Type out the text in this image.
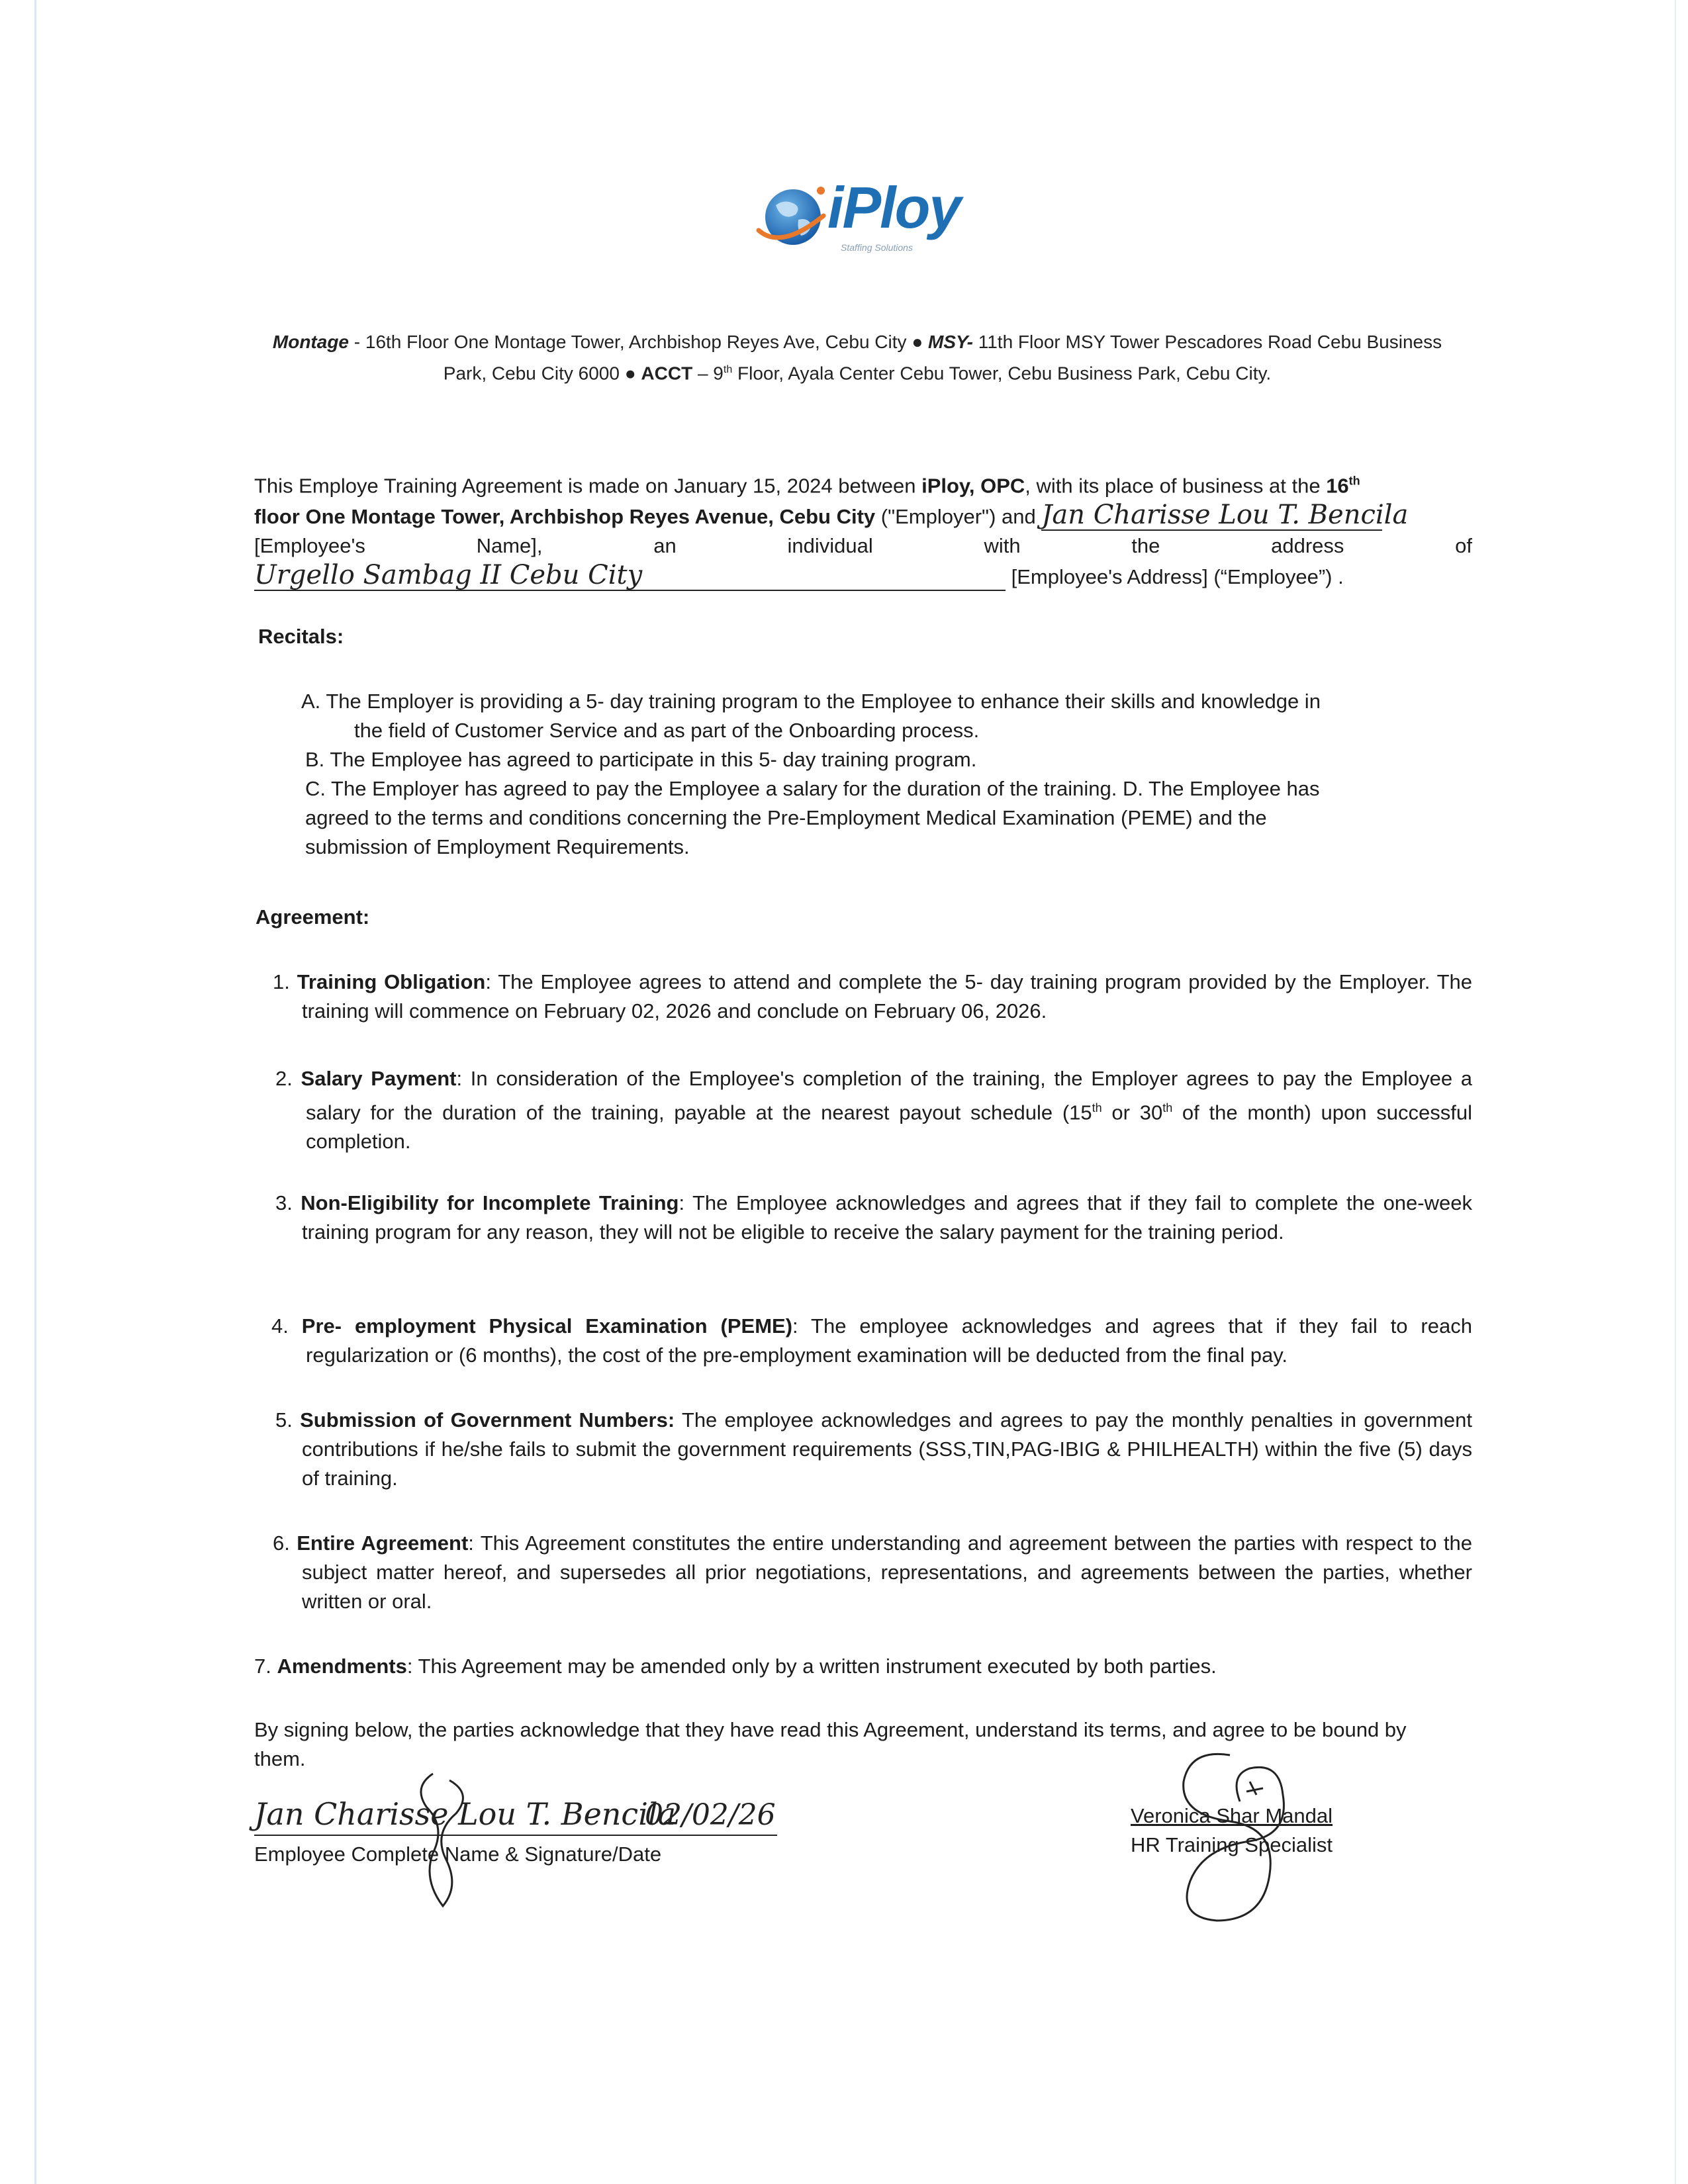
iPloy
Staffing Solutions
Montage - 16th Floor One Montage Tower, Archbishop Reyes Ave, Cebu City ● MSY- 11th Floor MSY Tower Pescadores Road Cebu Business Park, Cebu City 6000 ● ACCT – 9th Floor, Ayala Center Cebu Tower, Cebu Business Park, Cebu City.
This Employe Training Agreement is made on January 15, 2024 between iPloy, OPC, with its place of business at the 16th
floor One Montage Tower, Archbishop Reyes Avenue, Cebu City ("Employer") and Jan Charisse Lou T. Bencila
[Employee's	Name],	an	individual	with	the	address	of
Urgello Sambag II Cebu City	[Employee's Address] (“Employee”) .
Recitals:

A. The Employer is providing a 5- day training program to the Employee to enhance their skills and knowledge in

the field of Customer Service and as part of the Onboarding process.

B. The Employee has agreed to participate in this 5- day training program.

C. The Employer has agreed to pay the Employee a salary for the duration of the training. D. The Employee has

agreed to the terms and conditions concerning the Pre-Employment Medical Examination (PEME) and the

submission of Employment Requirements.

Agreement:
1. Training Obligation: The Employee agrees to attend and complete the 5- day training program provided by the Employer. The training will commence on February 02, 2026 and conclude on February 06, 2026.
2. Salary Payment: In consideration of the Employee's completion of the training, the Employer agrees to pay the Employee a salary for the duration of the training, payable at the nearest payout schedule (15th or 30th of the month) upon successful completion.
3. Non-Eligibility for Incomplete Training: The Employee acknowledges and agrees that if they fail to complete the one-week training program for any reason, they will not be eligible to receive the salary payment for the training period.
4. Pre- employment Physical Examination (PEME): The employee acknowledges and agrees that if they fail to reach regularization or (6 months), the cost of the pre-employment examination will be deducted from the final pay.
5. Submission of Government Numbers: The employee acknowledges and agrees to pay the monthly penalties in government contributions if he/she fails to submit the government requirements (SSS,TIN,PAG-IBIG & PHILHEALTH) within the five (5) days of training.
6. Entire Agreement: This Agreement constitutes the entire understanding and agreement between the parties with respect to the subject matter hereof, and supersedes all prior negotiations, representations, and agreements between the parties, whether written or oral.
7. Amendments: This Agreement may be amended only by a written instrument executed by both parties.
By signing below, the parties acknowledge that they have read this Agreement, understand its terms, and agree to be bound by them.
Jan Charisse Lou T. Bencila
02/02/26
Employee Complete Name & Signature/Date
Veronica Shar Mandal
HR Training Specialist
